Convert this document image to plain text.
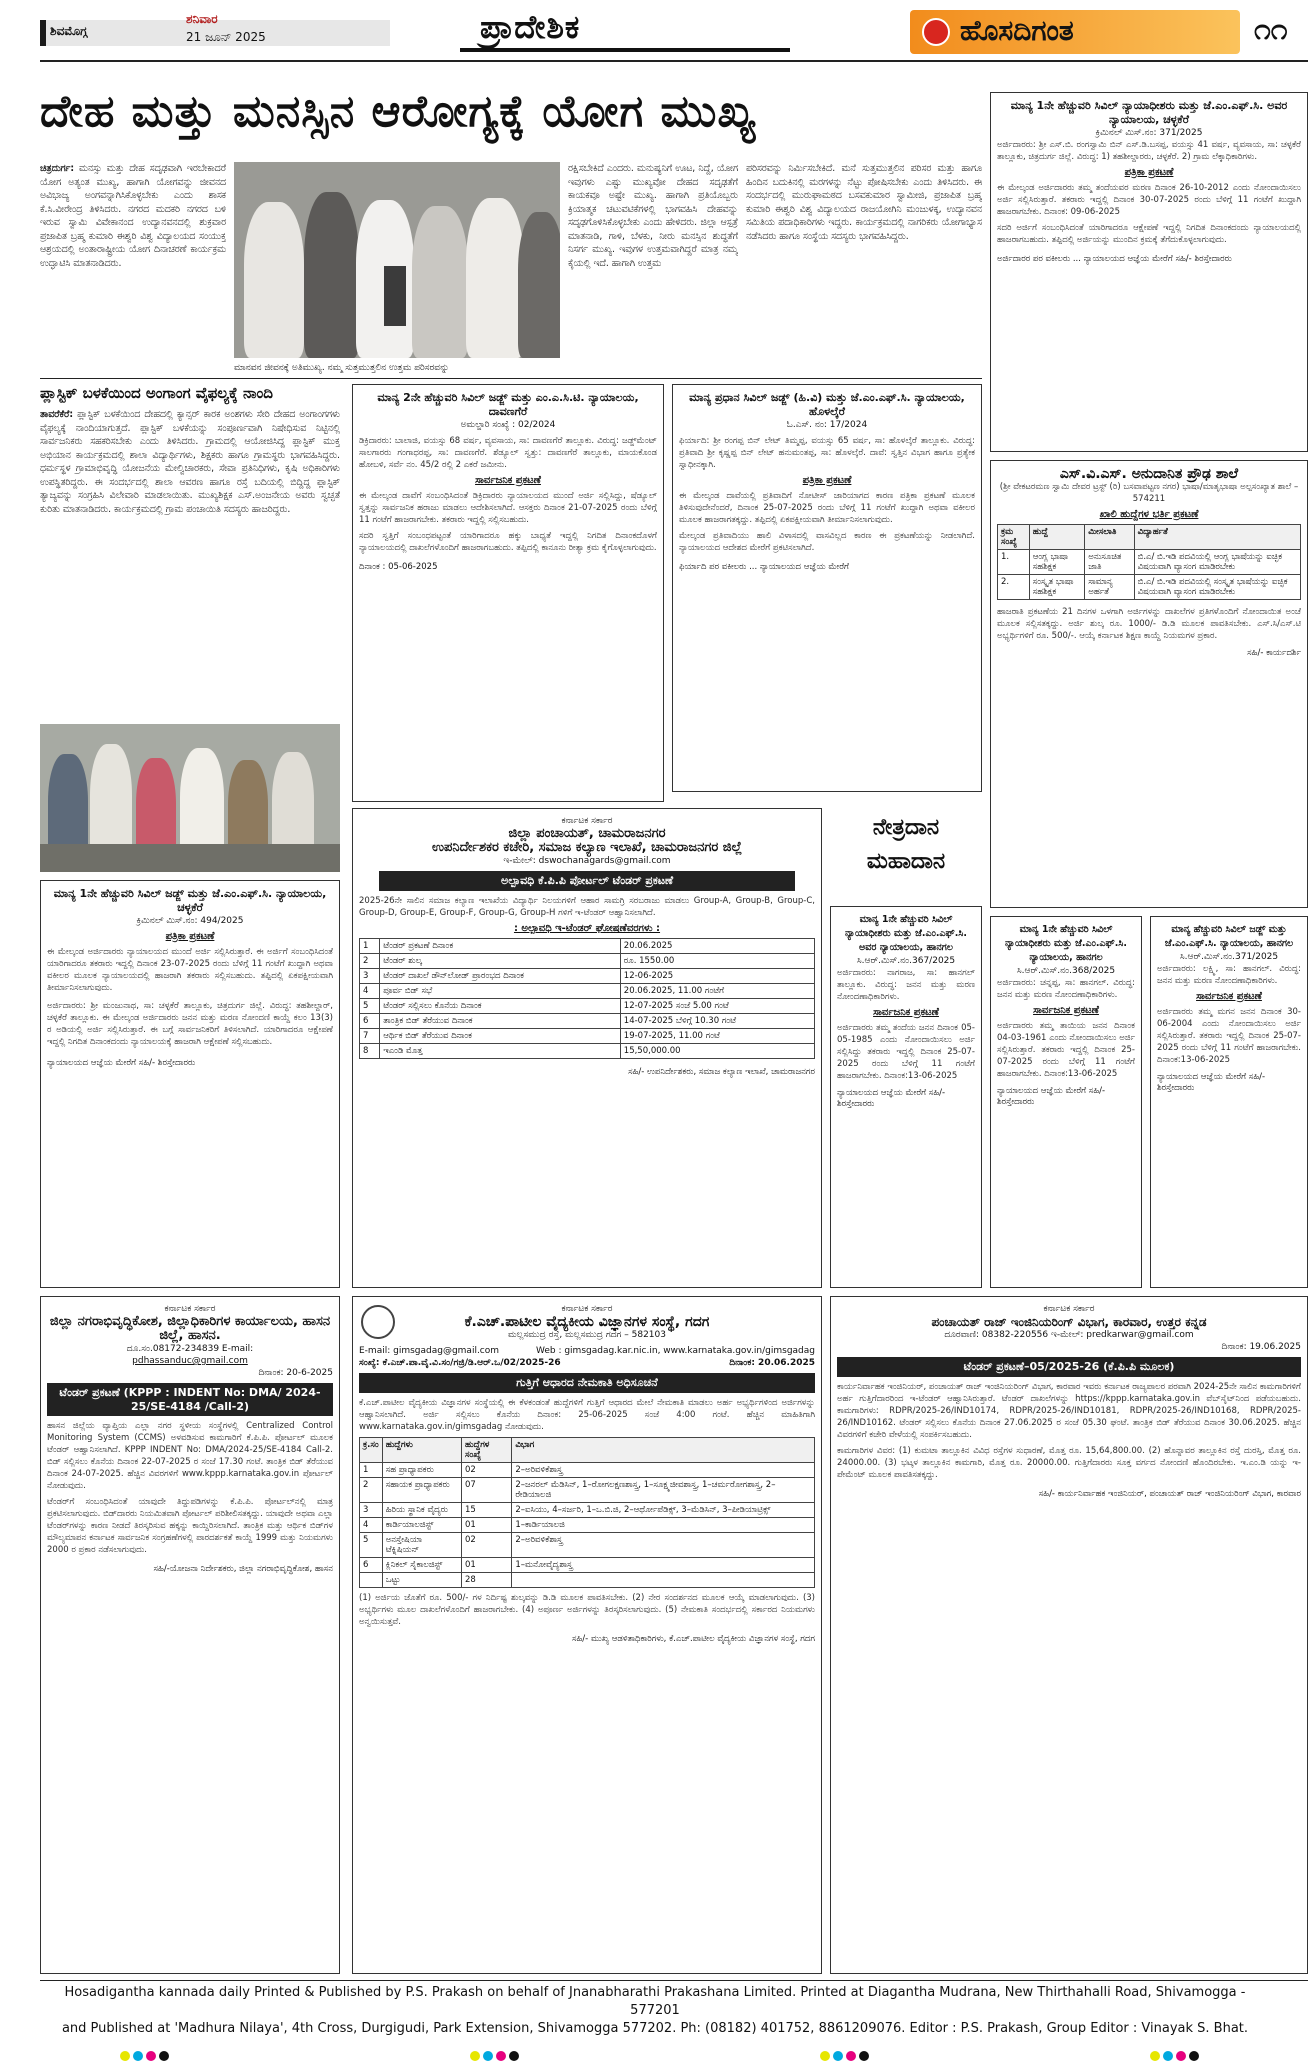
ಶಿವಮೊಗ್ಗ
ಶನಿವಾರ
21 ಜೂನ್ 2025	ಪ್ರಾದೇಶಿಕ	ಹೊಸದಿಗಂತ	೧೧
ದೇಹ ಮತ್ತು ಮನಸ್ಸಿನ ಆರೋಗ್ಯಕ್ಕೆ ಯೋಗ ಮುಖ್ಯ
ಚಿತ್ರದುರ್ಗ: ಮನಸ್ಸು ಮತ್ತು ದೇಹ ಸದೃಢವಾಗಿ ಇರಬೇಕಾದರೆ ಯೋಗ ಅತ್ಯಂತ ಮುಖ್ಯ, ಹಾಗಾಗಿ ಯೋಗವನ್ನು ಜೀವನದ ಅವಿಭಾಜ್ಯ ಅಂಗವನ್ನಾಗಿಸಿಕೊಳ್ಳಬೇಕು ಎಂದು ಶಾಸಕ ಕೆ.ಸಿ.ವೀರೇಂದ್ರ ತಿಳಿಸಿದರು. ನಗರದ ಮದಕರಿ ನಗರದ ಬಳಿ ಇರುವ ಸ್ವಾಮಿ ವಿವೇಕಾನಂದ ಉದ್ಯಾನವನದಲ್ಲಿ ಶುಕ್ರವಾರ ಪ್ರಜಾಪಿತ ಬ್ರಹ್ಮ ಕುಮಾರಿ ಈಶ್ವರಿ ವಿಶ್ವ ವಿದ್ಯಾಲಯದ ಸಂಯುಕ್ತ ಆಶ್ರಯದಲ್ಲಿ ಅಂತಾರಾಷ್ಟ್ರೀಯ ಯೋಗ ದಿನಾಚರಣೆ ಕಾರ್ಯಕ್ರಮ ಉದ್ಘಾಟಿಸಿ ಮಾತನಾಡಿದರು.
ಮಾನವನ ಜೀವನಕ್ಕೆ ಅತಿಮುಖ್ಯ. ನಮ್ಮ ಸುತ್ತಮುತ್ತಲಿನ ಉತ್ತಮ ಪರಿಸರವನ್ನು
ರಕ್ಷಿಸಬೇಕಿದೆ ಎಂದರು. ಮನುಷ್ಯನಿಗೆ ಊಟ, ನಿದ್ದೆ, ಯೋಗ ಇವುಗಳು ಎಷ್ಟು ಮುಖ್ಯವೋ ದೇಹದ ಸದೃಢತೆಗೆ ಕಾಯಕವೂ ಅಷ್ಟೇ ಮುಖ್ಯ. ಹಾಗಾಗಿ ಪ್ರತಿಯೊಬ್ಬರು ಕ್ರಿಯಾತ್ಮಕ ಚಟುವಟಿಕೆಗಳಲ್ಲಿ ಭಾಗವಹಿಸಿ ದೇಹವನ್ನು ಸದೃಢಗೊಳಿಸಿಕೊಳ್ಳಬೇಕು ಎಂದು ಹೇಳಿದರು. ಜಿಲ್ಲಾ ಆಸ್ಪತ್ರೆ ಮಾತನಾಡಿ, ಗಾಳಿ, ಬೆಳಕು, ನೀರು ಮನಸ್ಸಿನ ಶುದ್ಧತೆಗೆ ನಿಸರ್ಗ ಮುಖ್ಯ. ಇವುಗಳ ಉತ್ತಮವಾಗಿದ್ದರೆ ಮಾತ್ರ ನಮ್ಮ ಕೈಯಲ್ಲಿ ಇದೆ. ಹಾಗಾಗಿ ಉತ್ತಮ
ಪರಿಸರವನ್ನು ನಿರ್ಮಿಸಬೇಕಿದೆ. ಮನೆ ಸುತ್ತಮುತ್ತಲಿನ ಪರಿಸರ ಮತ್ತು ಹಾಗೂ ಹಿಂದಿನ ಬದುಕಿನಲ್ಲಿ ಮರಗಳನ್ನು ನೆಟ್ಟು ಪೋಷಿಸಬೇಕು ಎಂದು ತಿಳಿಸಿದರು. ಈ ಸಂದರ್ಭದಲ್ಲಿ ಮುರುಘಾಮಠದ ಬಸವಕುಮಾರ ಸ್ವಾಮೀಜಿ, ಪ್ರಜಾಪಿತ ಬ್ರಹ್ಮ ಕುಮಾರಿ ಈಶ್ವರಿ ವಿಶ್ವ ವಿದ್ಯಾಲಯದ ರಾಜಯೋಗಿನಿ ಮಂಜುಳಕ್ಕ, ಉದ್ಯಾನವನ ಸಮಿತಿಯ ಪದಾಧಿಕಾರಿಗಳು ಇದ್ದರು. ಕಾರ್ಯಕ್ರಮದಲ್ಲಿ ನಾಗರಿಕರು ಯೋಗಾಭ್ಯಾಸ ನಡೆಸಿದರು ಹಾಗೂ ಸಂಸ್ಥೆಯ ಸದಸ್ಯರು ಭಾಗವಹಿಸಿದ್ದರು.
ಪ್ಲಾಸ್ಟಿಕ್ ಬಳಕೆಯಿಂದ ಅಂಗಾಂಗ ವೈಫಲ್ಯಕ್ಕೆ ನಾಂದಿ
ತಾವರೆಕೆರೆ: ಪ್ಲಾಸ್ಟಿಕ್ ಬಳಕೆಯಿಂದ ದೇಹದಲ್ಲಿ ಕ್ಯಾನ್ಸರ್ ಕಾರಕ ಅಂಶಗಳು ಸೇರಿ ದೇಹದ ಅಂಗಾಂಗಗಳು ವೈಫಲ್ಯಕ್ಕೆ ನಾಂದಿಯಾಗುತ್ತದೆ. ಪ್ಲಾಸ್ಟಿಕ್ ಬಳಕೆಯನ್ನು ಸಂಪೂರ್ಣವಾಗಿ ನಿಷೇಧಿಸುವ ನಿಟ್ಟಿನಲ್ಲಿ ಸಾರ್ವಜನಿಕರು ಸಹಕರಿಸಬೇಕು ಎಂದು ತಿಳಿಸಿದರು. ಗ್ರಾಮದಲ್ಲಿ ಆಯೋಜಿಸಿದ್ದ ಪ್ಲಾಸ್ಟಿಕ್ ಮುಕ್ತ ಅಭಿಯಾನ ಕಾರ್ಯಕ್ರಮದಲ್ಲಿ ಶಾಲಾ ವಿದ್ಯಾರ್ಥಿಗಳು, ಶಿಕ್ಷಕರು ಹಾಗೂ ಗ್ರಾಮಸ್ಥರು ಭಾಗವಹಿಸಿದ್ದರು. ಧರ್ಮಸ್ಥಳ ಗ್ರಾಮಾಭಿವೃದ್ಧಿ ಯೋಜನೆಯ ಮೇಲ್ವಿಚಾರಕರು, ಸೇವಾ ಪ್ರತಿನಿಧಿಗಳು, ಕೃಷಿ ಅಧಿಕಾರಿಗಳು ಉಪಸ್ಥಿತರಿದ್ದರು. ಈ ಸಂದರ್ಭದಲ್ಲಿ ಶಾಲಾ ಆವರಣ ಹಾಗೂ ರಸ್ತೆ ಬದಿಯಲ್ಲಿ ಬಿದ್ದಿದ್ದ ಪ್ಲಾಸ್ಟಿಕ್ ತ್ಯಾಜ್ಯವನ್ನು ಸಂಗ್ರಹಿಸಿ ವಿಲೇವಾರಿ ಮಾಡಲಾಯಿತು. ಮುಖ್ಯಶಿಕ್ಷಕ ಎಸ್.ಅಂಜನೇಯ ಅವರು ಸ್ವಚ್ಛತೆ ಕುರಿತು ಮಾತನಾಡಿದರು. ಕಾರ್ಯಕ್ರಮದಲ್ಲಿ ಗ್ರಾಮ ಪಂಚಾಯಿತಿ ಸದಸ್ಯರು ಹಾಜರಿದ್ದರು.
ಮಾನ್ಯ 1ನೇ ಹೆಚ್ಚುವರಿ ಸಿವಿಲ್ ಜಡ್ಜ್ ಮತ್ತು ಜೆ.ಎಂ.ಎಫ್.ಸಿ. ನ್ಯಾಯಾಲಯ, ಚಳ್ಳಕೆರೆ
ಕ್ರಿಮಿನಲ್ ಮಿಸ್.ನಂ: 494/2025
ಪತ್ರಿಕಾ ಪ್ರಕಟಣೆ
ಈ ಮೇಲ್ಕಂಡ ಅರ್ಜಿದಾರರು ನ್ಯಾಯಾಲಯದ ಮುಂದೆ ಅರ್ಜಿ ಸಲ್ಲಿಸಿರುತ್ತಾರೆ. ಈ ಅರ್ಜಿಗೆ ಸಂಬಂಧಿಸಿದಂತೆ ಯಾರಿಗಾದರೂ ತಕರಾರು ಇದ್ದಲ್ಲಿ ದಿನಾಂಕ 23-07-2025 ರಂದು ಬೆಳಿಗ್ಗೆ 11 ಗಂಟೆಗೆ ಖುದ್ದಾಗಿ ಅಥವಾ ವಕೀಲರ ಮೂಲಕ ನ್ಯಾಯಾಲಯದಲ್ಲಿ ಹಾಜರಾಗಿ ತಕರಾರು ಸಲ್ಲಿಸಬಹುದು. ತಪ್ಪಿದಲ್ಲಿ ಏಕಪಕ್ಷೀಯವಾಗಿ ತೀರ್ಮಾನಿಸಲಾಗುವುದು.
ಅರ್ಜಿದಾರರು: ಶ್ರೀ ಮಂಜುನಾಥ, ಸಾ: ಚಳ್ಳಕೆರೆ ತಾಲ್ಲೂಕು, ಚಿತ್ರದುರ್ಗ ಜಿಲ್ಲೆ. ವಿರುದ್ಧ: ತಹಶೀಲ್ದಾರ್, ಚಳ್ಳಕೆರೆ ತಾಲ್ಲೂಕು. ಈ ಮೇಲ್ಕಂಡ ಅರ್ಜಿದಾರರು ಜನನ ಮತ್ತು ಮರಣ ನೋಂದಣಿ ಕಾಯ್ದೆ ಕಲಂ 13(3) ರ ಅಡಿಯಲ್ಲಿ ಅರ್ಜಿ ಸಲ್ಲಿಸಿರುತ್ತಾರೆ. ಈ ಬಗ್ಗೆ ಸಾರ್ವಜನಿಕರಿಗೆ ತಿಳಿಸಲಾಗಿದೆ. ಯಾರಿಗಾದರೂ ಆಕ್ಷೇಪಣೆ ಇದ್ದಲ್ಲಿ ನಿಗದಿತ ದಿನಾಂಕದಂದು ನ್ಯಾಯಾಲಯಕ್ಕೆ ಹಾಜರಾಗಿ ಆಕ್ಷೇಪಣೆ ಸಲ್ಲಿಸಬಹುದು.
ನ್ಯಾಯಾಲಯದ ಆಜ್ಞೆಯ ಮೇರೆಗೆ ಸಹಿ/- ಶಿರಸ್ತೇದಾರರು
ಮಾನ್ಯ 2ನೇ ಹೆಚ್ಚುವರಿ ಸಿವಿಲ್ ಜಡ್ಜ್ ಮತ್ತು ಎಂ.ಎ.ಸಿ.ಟಿ. ನ್ಯಾಯಾಲಯ, ದಾವಣಗೆರೆ
ಅಮಲ್ಜಾರಿ ಸಂಖ್ಯೆ : 02/2024
ಡಿಕ್ರಿದಾರರು: ಬಾಲಾಜಿ, ವಯಸ್ಸು 68 ವರ್ಷ, ವ್ಯವಸಾಯ, ಸಾ: ದಾವಣಗೆರೆ ತಾಲ್ಲೂಕು. ವಿರುದ್ಧ: ಜಡ್ಜ್‌ಮೆಂಟ್ ಸಾಲಗಾರರು ಗಂಗಾಧರಪ್ಪ, ಸಾ: ದಾವಣಗೆರೆ. ಶೆಡ್ಯೂಲ್ ಸ್ವತ್ತು: ದಾವಣಗೆರೆ ತಾಲ್ಲೂಕು, ಮಾಯಕೊಂಡ ಹೋಬಳಿ, ಸರ್ವೆ ನಂ. 45/2 ರಲ್ಲಿ 2 ಎಕರೆ ಜಮೀನು.
ಸಾರ್ವಜನಿಕ ಪ್ರಕಟಣೆ
ಈ ಮೇಲ್ಕಂಡ ದಾವೆಗೆ ಸಂಬಂಧಿಸಿದಂತೆ ಡಿಕ್ರಿದಾರರು ನ್ಯಾಯಾಲಯದ ಮುಂದೆ ಅರ್ಜಿ ಸಲ್ಲಿಸಿದ್ದು, ಷೆಡ್ಯೂಲ್ ಸ್ವತ್ತನ್ನು ಸಾರ್ವಜನಿಕ ಹರಾಜು ಮಾಡಲು ಆದೇಶಿಸಲಾಗಿದೆ. ಆಸಕ್ತರು ದಿನಾಂಕ 21-07-2025 ರಂದು ಬೆಳಿಗ್ಗೆ 11 ಗಂಟೆಗೆ ಹಾಜರಾಗಬೇಕು. ತಕರಾರು ಇದ್ದಲ್ಲಿ ಸಲ್ಲಿಸಬಹುದು.
ಸದರಿ ಸ್ವತ್ತಿಗೆ ಸಂಬಂಧಪಟ್ಟಂತೆ ಯಾರಿಗಾದರೂ ಹಕ್ಕು ಬಾಧ್ಯತೆ ಇದ್ದಲ್ಲಿ ನಿಗದಿತ ದಿನಾಂಕದೊಳಗೆ ನ್ಯಾಯಾಲಯದಲ್ಲಿ ದಾಖಲೆಗಳೊಂದಿಗೆ ಹಾಜರಾಗಬಹುದು. ತಪ್ಪಿದಲ್ಲಿ ಕಾನೂನು ರೀತ್ಯಾ ಕ್ರಮ ಕೈಗೊಳ್ಳಲಾಗುವುದು.
ದಿನಾಂಕ : 05-06-2025
ಮಾನ್ಯ ಪ್ರಧಾನ ಸಿವಿಲ್ ಜಡ್ಜ್ (ಹಿ.ವಿ) ಮತ್ತು ಜೆ.ಎಂ.ಎಫ್.ಸಿ. ನ್ಯಾಯಾಲಯ, ಹೊಳಲ್ಕೆರೆ
ಓ.ಎಸ್. ನಂ: 17/2024
ಫಿರ್ಯಾದಿ: ಶ್ರೀ ರಂಗಪ್ಪ ಬಿನ್ ಲೇಟ್ ತಿಮ್ಮಪ್ಪ, ವಯಸ್ಸು 65 ವರ್ಷ, ಸಾ: ಹೊಳಲ್ಕೆರೆ ತಾಲ್ಲೂಕು. ವಿರುದ್ಧ: ಪ್ರತಿವಾದಿ ಶ್ರೀ ಕೃಷ್ಣಪ್ಪ ಬಿನ್ ಲೇಟ್ ಹನುಮಂತಪ್ಪ, ಸಾ: ಹೊಳಲ್ಕೆರೆ. ದಾವೆ: ಸ್ವತ್ತಿನ ವಿಭಾಗ ಹಾಗೂ ಪ್ರತ್ಯೇಕ ಸ್ವಾಧೀನಕ್ಕಾಗಿ.
ಪತ್ರಿಕಾ ಪ್ರಕಟಣೆ
ಈ ಮೇಲ್ಕಂಡ ದಾವೆಯಲ್ಲಿ ಪ್ರತಿವಾದಿಗೆ ನೋಟೀಸ್ ಜಾರಿಯಾಗದ ಕಾರಣ ಪತ್ರಿಕಾ ಪ್ರಕಟಣೆ ಮೂಲಕ ತಿಳಿಸುವುದೇನೆಂದರೆ, ದಿನಾಂಕ 25-07-2025 ರಂದು ಬೆಳಿಗ್ಗೆ 11 ಗಂಟೆಗೆ ಖುದ್ದಾಗಿ ಅಥವಾ ವಕೀಲರ ಮೂಲಕ ಹಾಜರಾಗತಕ್ಕದ್ದು. ತಪ್ಪಿದಲ್ಲಿ ಏಕಪಕ್ಷೀಯವಾಗಿ ತೀರ್ಮಾನಿಸಲಾಗುವುದು.
ಮೇಲ್ಕಂಡ ಪ್ರತಿವಾದಿಯು ಹಾಲಿ ವಿಳಾಸದಲ್ಲಿ ವಾಸವಿಲ್ಲದ ಕಾರಣ ಈ ಪ್ರಕಟಣೆಯನ್ನು ನೀಡಲಾಗಿದೆ. ನ್ಯಾಯಾಲಯದ ಆದೇಶದ ಮೇರೆಗೆ ಪ್ರಕಟಿಸಲಾಗಿದೆ.
ಫಿರ್ಯಾದಿ ಪರ ವಕೀಲರು ... ನ್ಯಾಯಾಲಯದ ಆಜ್ಞೆಯ ಮೇರೆಗೆ
ಕರ್ನಾಟಕ ಸರ್ಕಾರ
ಜಿಲ್ಲಾ ಪಂಚಾಯತ್, ಚಾಮರಾಜನಗರ
ಉಪನಿರ್ದೇಶಕರ ಕಚೇರಿ, ಸಮಾಜ ಕಲ್ಯಾಣ ಇಲಾಖೆ, ಚಾಮರಾಜನಗರ ಜಿಲ್ಲೆ
ಇ-ಮೇಲ್: dswochanagards@gmail.com
ಅಲ್ಪಾವಧಿ ಕೆ.ಪಿ.ಪಿ ಪೋರ್ಟಲ್ ಟೆಂಡರ್ ಪ್ರಕಟಣೆ
2025-26ನೇ ಸಾಲಿನ ಸಮಾಜ ಕಲ್ಯಾಣ ಇಲಾಖೆಯ ವಿದ್ಯಾರ್ಥಿ ನಿಲಯಗಳಿಗೆ ಆಹಾರ ಸಾಮಗ್ರಿ ಸರಬರಾಜು ಮಾಡಲು Group-A, Group-B, Group-C, Group-D, Group-E, Group-F, Group-G, Group-H ಗಳಿಗೆ ಇ-ಟೆಂಡರ್ ಆಹ್ವಾನಿಸಲಾಗಿದೆ.
: ಅಲ್ಪಾವಧಿ ಇ-ಟೆಂಡರ್ ಘೋಷಣೆವರಗಳು :
1	ಟೆಂಡರ್ ಪ್ರಕಟಣೆ ದಿನಾಂಕ	20.06.2025
2	ಟೆಂಡರ್ ಶುಲ್ಕ	ರೂ. 1550.00
3	ಟೆಂಡರ್ ದಾಖಲೆ ಡೌನ್‌ಲೋಡ್ ಪ್ರಾರಂಭದ ದಿನಾಂಕ	12-06-2025
4	ಪೂರ್ವ ಬಿಡ್ ಸಭೆ	20.06.2025, 11.00 ಗಂಟೆಗೆ
5	ಟೆಂಡರ್ ಸಲ್ಲಿಸಲು ಕೊನೆಯ ದಿನಾಂಕ	12-07-2025 ಸಂಜೆ 5.00 ಗಂಟೆ
6	ತಾಂತ್ರಿಕ ಬಿಡ್ ತೆರೆಯುವ ದಿನಾಂಕ	14-07-2025 ಬೆಳಿಗ್ಗೆ 10.30 ಗಂಟೆ
7	ಆರ್ಥಿಕ ಬಿಡ್ ತೆರೆಯುವ ದಿನಾಂಕ	19-07-2025, 11.00 ಗಂಟೆ
8	ಇಎಂಡಿ ಮೊತ್ತ	15,50,000.00
ಸಹಿ/- ಉಪನಿರ್ದೇಶಕರು, ಸಮಾಜ ಕಲ್ಯಾಣ ಇಲಾಖೆ, ಚಾಮರಾಜನಗರ
ನೇತ್ರದಾನ
ಮಹಾದಾನ
ಮಾನ್ಯ 1ನೇ ಹೆಚ್ಚುವರಿ ಸಿವಿಲ್ ನ್ಯಾಯಾಧೀಶರು ಮತ್ತು ಜೆ.ಎಂ.ಎಫ್.ಸಿ. ಅವರ ನ್ಯಾಯಾಲಯ, ಹಾನಗಲ
ಸಿ.ಆರ್.ಮಿಸ್.ನಂ.367/2025
ಅರ್ಜಿದಾರರು: ನಾಗರಾಜ, ಸಾ: ಹಾನಗಲ್ ತಾಲ್ಲೂಕು. ವಿರುದ್ಧ: ಜನನ ಮತ್ತು ಮರಣ ನೋಂದಣಾಧಿಕಾರಿಗಳು.
ಸಾರ್ವಜನಿಕ ಪ್ರಕಟಣೆ
ಅರ್ಜಿದಾರರು ತಮ್ಮ ತಂದೆಯ ಜನನ ದಿನಾಂಕ 05-05-1985 ಎಂದು ನೋಂದಾಯಿಸಲು ಅರ್ಜಿ ಸಲ್ಲಿಸಿದ್ದು ತಕರಾರು ಇದ್ದಲ್ಲಿ ದಿನಾಂಕ 25-07-2025 ರಂದು ಬೆಳಿಗ್ಗೆ 11 ಗಂಟೆಗೆ ಹಾಜರಾಗಬೇಕು. ದಿನಾಂಕ:13-06-2025
ನ್ಯಾಯಾಲಯದ ಆಜ್ಞೆಯ ಮೇರೆಗೆ ಸಹಿ/- ಶಿರಸ್ತೇದಾರರು
ಮಾನ್ಯ 1ನೇ ಹೆಚ್ಚುವರಿ ಸಿವಿಲ್ ನ್ಯಾಯಾಧೀಶರು ಮತ್ತು ಜೆ.ಎಂ.ಎಫ್.ಸಿ. ಅವರ ನ್ಯಾಯಾಲಯ, ಚಳ್ಳಕೆರೆ
ಕ್ರಿಮಿನಲ್ ಮಿಸ್.ನಂ: 371/2025
ಅರ್ಜಿದಾರರು: ಶ್ರೀ ಎಸ್.ಬಿ. ರಂಗಸ್ವಾಮಿ ಬಿನ್ ಎಸ್.ಡಿ.ಬಸಪ್ಪ, ವಯಸ್ಸು 41 ವರ್ಷ, ವ್ಯವಸಾಯ, ಸಾ: ಚಳ್ಳಕೆರೆ ತಾಲ್ಲೂಕು, ಚಿತ್ರದುರ್ಗ ಜಿಲ್ಲೆ. ವಿರುದ್ಧ: 1) ತಹಶೀಲ್ದಾರರು, ಚಳ್ಳಕೆರೆ. 2) ಗ್ರಾಮ ಲೆಕ್ಕಾಧಿಕಾರಿಗಳು.
ಪತ್ರಿಕಾ ಪ್ರಕಟಣೆ
ಈ ಮೇಲ್ಕಂಡ ಅರ್ಜಿದಾರರು ತಮ್ಮ ತಂದೆಯವರ ಮರಣ ದಿನಾಂಕ 26-10-2012 ಎಂದು ನೋಂದಾಯಿಸಲು ಅರ್ಜಿ ಸಲ್ಲಿಸಿರುತ್ತಾರೆ. ತಕರಾರು ಇದ್ದಲ್ಲಿ ದಿನಾಂಕ 30-07-2025 ರಂದು ಬೆಳಿಗ್ಗೆ 11 ಗಂಟೆಗೆ ಖುದ್ದಾಗಿ ಹಾಜರಾಗಬೇಕು. ದಿನಾಂಕ: 09-06-2025
ಸದರಿ ಅರ್ಜಿಗೆ ಸಂಬಂಧಿಸಿದಂತೆ ಯಾರಿಗಾದರೂ ಆಕ್ಷೇಪಣೆ ಇದ್ದಲ್ಲಿ ನಿಗದಿತ ದಿನಾಂಕದಂದು ನ್ಯಾಯಾಲಯದಲ್ಲಿ ಹಾಜರಾಗಬಹುದು. ತಪ್ಪಿದಲ್ಲಿ ಅರ್ಜಿಯನ್ನು ಮುಂದಿನ ಕ್ರಮಕ್ಕೆ ತೆಗೆದುಕೊಳ್ಳಲಾಗುವುದು.
ಅರ್ಜಿದಾರರ ಪರ ವಕೀಲರು ... ನ್ಯಾಯಾಲಯದ ಆಜ್ಞೆಯ ಮೇರೆಗೆ ಸಹಿ/- ಶಿರಸ್ತೇದಾರರು
ಎಸ್.ವಿ.ಎಸ್. ಅನುದಾನಿತ ಪ್ರೌಢ ಶಾಲೆ
(ಶ್ರೀ ವೇಕಟರಮಣ ಸ್ವಾಮಿ ದೇವರ ಟ್ರಸ್ಟ್ (ರಿ) ಬಸವಾಪಟ್ಟಣ ನಗರ) ಭಾಷಾ/ಮಾತೃಭಾಷಾ ಅಲ್ಪಸಂಖ್ಯಾತ ಶಾಲೆ – 574211
ಖಾಲಿ ಹುದ್ದೆಗಳ ಭರ್ತಿ ಪ್ರಕಟಣೆ
ಕ್ರಮ ಸಂಖ್ಯೆ	ಹುದ್ದೆ	ಮೀಸಲಾತಿ	ವಿದ್ಯಾರ್ಹತೆ
1.	ಆಂಗ್ಲ ಭಾಷಾ ಸಹಶಿಕ್ಷಕ	ಅನುಸೂಚಿತ ಜಾತಿ	ಬಿ.ಎ/ ಬಿ.ಇಡಿ ಪದವಿಯಲ್ಲಿ ಆಂಗ್ಲ ಭಾಷೆಯನ್ನು ಐಚ್ಛಿಕ ವಿಷಯವಾಗಿ ವ್ಯಾಸಂಗ ಮಾಡಿರಬೇಕು
2.	ಸಂಸ್ಕೃತ ಭಾಷಾ ಸಹಶಿಕ್ಷಕ	ಸಾಮಾನ್ಯ ಅರ್ಹತೆ	ಬಿ.ಎ/ ಬಿ.ಇಡಿ ಪದವಿಯಲ್ಲಿ ಸಂಸ್ಕೃತ ಭಾಷೆಯನ್ನು ಐಚ್ಛಿಕ ವಿಷಯವಾಗಿ ವ್ಯಾಸಂಗ ಮಾಡಿರಬೇಕು
ಹಾಜರಾತಿ ಪ್ರಕಟಣೆಯ 21 ದಿನಗಳ ಒಳಗಾಗಿ ಅರ್ಜಿಗಳನ್ನು ದಾಖಲೆಗಳ ಪ್ರತಿಗಳೊಂದಿಗೆ ನೋಂದಾಯಿತ ಅಂಚೆ ಮೂಲಕ ಸಲ್ಲಿಸತಕ್ಕದ್ದು. ಅರ್ಜಿ ಶುಲ್ಕ ರೂ. 1000/- ಡಿ.ಡಿ ಮೂಲಕ ಪಾವತಿಸಬೇಕು. ಎಸ್.ಸಿ/ಎಸ್.ಟಿ ಅಭ್ಯರ್ಥಿಗಳಿಗೆ ರೂ. 500/-. ಆಯ್ಕೆ ಕರ್ನಾಟಕ ಶಿಕ್ಷಣ ಕಾಯ್ದೆ ನಿಯಮಗಳ ಪ್ರಕಾರ.
ಸಹಿ/- ಕಾರ್ಯದರ್ಶಿ
ಮಾನ್ಯ 1ನೇ ಹೆಚ್ಚುವರಿ ಸಿವಿಲ್ ನ್ಯಾಯಾಧೀಶರು ಮತ್ತು ಜೆ.ಎಂ.ಎಫ್.ಸಿ. ನ್ಯಾಯಾಲಯ, ಹಾನಗಲ
ಸಿ.ಆರ್.ಮಿಸ್.ನಂ.368/2025
ಅರ್ಜಿದಾರರು: ಚನ್ನಪ್ಪ, ಸಾ: ಹಾನಗಲ್. ವಿರುದ್ಧ: ಜನನ ಮತ್ತು ಮರಣ ನೋಂದಣಾಧಿಕಾರಿಗಳು.
ಸಾರ್ವಜನಿಕ ಪ್ರಕಟಣೆ
ಅರ್ಜಿದಾರರು ತಮ್ಮ ತಾಯಿಯ ಜನನ ದಿನಾಂಕ 04-03-1961 ಎಂದು ನೋಂದಾಯಿಸಲು ಅರ್ಜಿ ಸಲ್ಲಿಸಿರುತ್ತಾರೆ. ತಕರಾರು ಇದ್ದಲ್ಲಿ ದಿನಾಂಕ 25-07-2025 ರಂದು ಬೆಳಿಗ್ಗೆ 11 ಗಂಟೆಗೆ ಹಾಜರಾಗಬೇಕು. ದಿನಾಂಕ:13-06-2025
ನ್ಯಾಯಾಲಯದ ಆಜ್ಞೆಯ ಮೇರೆಗೆ ಸಹಿ/- ಶಿರಸ್ತೇದಾರರು
ಮಾನ್ಯ ಹೆಚ್ಚುವರಿ ಸಿವಿಲ್ ಜಡ್ಜ್ ಮತ್ತು ಜೆ.ಎಂ.ಎಫ್.ಸಿ. ನ್ಯಾಯಾಲಯ, ಹಾನಗಲ
ಸಿ.ಆರ್.ಮಿಸ್.ನಂ.371/2025
ಅರ್ಜಿದಾರರು: ಲಕ್ಷ್ಮಿ, ಸಾ: ಹಾನಗಲ್. ವಿರುದ್ಧ: ಜನನ ಮತ್ತು ಮರಣ ನೋಂದಣಾಧಿಕಾರಿಗಳು.
ಸಾರ್ವಜನಿಕ ಪ್ರಕಟಣೆ
ಅರ್ಜಿದಾರರು ತಮ್ಮ ಮಗನ ಜನನ ದಿನಾಂಕ 30-06-2004 ಎಂದು ನೋಂದಾಯಿಸಲು ಅರ್ಜಿ ಸಲ್ಲಿಸಿರುತ್ತಾರೆ. ತಕರಾರು ಇದ್ದಲ್ಲಿ ದಿನಾಂಕ 25-07-2025 ರಂದು ಬೆಳಿಗ್ಗೆ 11 ಗಂಟೆಗೆ ಹಾಜರಾಗಬೇಕು. ದಿನಾಂಕ:13-06-2025
ನ್ಯಾಯಾಲಯದ ಆಜ್ಞೆಯ ಮೇರೆಗೆ ಸಹಿ/- ಶಿರಸ್ತೇದಾರರು
ಕರ್ನಾಟಕ ಸರ್ಕಾರ
ಜಿಲ್ಲಾ ನಗರಾಭಿವೃದ್ಧಿಕೋಶ, ಜಿಲ್ಲಾಧಿಕಾರಿಗಳ ಕಾರ್ಯಾಲಯ, ಹಾಸನ ಜಿಲ್ಲೆ, ಹಾಸನ.
ದೂ.ಸಂ.08172-234839 E-mail:
pdhassanduc@gmail.com
ದಿನಾಂಕ: 20-6-2025
ಟೆಂಡರ್ ಪ್ರಕಟಣೆ (KPPP : INDENT No: DMA/ 2024-25/SE-4184 /Call-2)
ಹಾಸನ ಜಿಲ್ಲೆಯ ವ್ಯಾಪ್ತಿಯ ಎಲ್ಲಾ ನಗರ ಸ್ಥಳೀಯ ಸಂಸ್ಥೆಗಳಲ್ಲಿ Centralized Control Monitoring System (CCMS) ಅಳವಡಿಸುವ ಕಾಮಗಾರಿಗೆ ಕೆ.ಪಿ.ಪಿ. ಪೋರ್ಟಲ್ ಮೂಲಕ ಟೆಂಡರ್ ಆಹ್ವಾನಿಸಲಾಗಿದೆ. KPPP INDENT No: DMA/2024-25/SE-4184 Call-2. ಬಿಡ್ ಸಲ್ಲಿಸಲು ಕೊನೆಯ ದಿನಾಂಕ 22-07-2025 ರ ಸಂಜೆ 17.30 ಗಂಟೆ. ತಾಂತ್ರಿಕ ಬಿಡ್ ತೆರೆಯುವ ದಿನಾಂಕ 24-07-2025. ಹೆಚ್ಚಿನ ವಿವರಗಳಿಗೆ www.kppp.karnataka.gov.in ಪೋರ್ಟಲ್ ನೋಡುವುದು.
ಟೆಂಡರ್‌ಗೆ ಸಂಬಂಧಿಸಿದಂತೆ ಯಾವುದೇ ತಿದ್ದುಪಡಿಗಳನ್ನು ಕೆ.ಪಿ.ಪಿ. ಪೋರ್ಟಲ್‌ನಲ್ಲಿ ಮಾತ್ರ ಪ್ರಕಟಿಸಲಾಗುವುದು. ಬಿಡ್‌ದಾರರು ನಿಯಮಿತವಾಗಿ ಪೋರ್ಟಲ್ ಪರಿಶೀಲಿಸತಕ್ಕದ್ದು. ಯಾವುದೇ ಅಥವಾ ಎಲ್ಲಾ ಟೆಂಡರ್‌ಗಳನ್ನು ಕಾರಣ ನೀಡದೆ ತಿರಸ್ಕರಿಸುವ ಹಕ್ಕನ್ನು ಕಾಯ್ದಿರಿಸಲಾಗಿದೆ. ತಾಂತ್ರಿಕ ಮತ್ತು ಆರ್ಥಿಕ ಬಿಡ್‌ಗಳ ಮೌಲ್ಯಮಾಪನ ಕರ್ನಾಟಕ ಸಾರ್ವಜನಿಕ ಸಂಗ್ರಹಣೆಗಳಲ್ಲಿ ಪಾರದರ್ಶಕತೆ ಕಾಯ್ದೆ 1999 ಮತ್ತು ನಿಯಮಗಳು 2000 ರ ಪ್ರಕಾರ ನಡೆಸಲಾಗುವುದು.
ಸಹಿ/-ಯೋಜನಾ ನಿರ್ದೇಶಕರು, ಜಿಲ್ಲಾ ನಗರಾಭಿವೃದ್ಧಿಕೋಶ, ಹಾಸನ
ಕರ್ನಾಟಕ ಸರ್ಕಾರ
ಕೆ.ಎಚ್.ಪಾಟೀಲ ವೈದ್ಯಕೀಯ ವಿಜ್ಞಾನಗಳ ಸಂಸ್ಥೆ, ಗದಗ
ಮಲ್ಲಸಮುದ್ರ ರಸ್ತೆ, ಮಲ್ಲಸಮುದ್ರ ಗದಗ – 582103
E-mail: gimsgadag@gmail.com	Web : gimsgadag.kar.nic.in, www.karnataka.gov.in/gimsgadag
ಸಂಖ್ಯೆ: ಕೆ.ಎಚ್.ಪಾ.ವೈ.ವಿ.ಸಂ/ಗಜ್ರಿ/ಡಿ.ಆರ್.ಒ/02/2025-26	ದಿನಾಂಕ: 20.06.2025
ಗುತ್ತಿಗೆ ಆಧಾರದ ನೇಮಕಾತಿ ಅಧಿಸೂಚನೆ
ಕೆ.ಎಚ್.ಪಾಟೀಲ ವೈದ್ಯಕೀಯ ವಿಜ್ಞಾನಗಳ ಸಂಸ್ಥೆಯಲ್ಲಿ ಈ ಕೆಳಕಂಡಂತೆ ಹುದ್ದೆಗಳಿಗೆ ಗುತ್ತಿಗೆ ಆಧಾರದ ಮೇಲೆ ನೇಮಕಾತಿ ಮಾಡಲು ಅರ್ಹ ಅಭ್ಯರ್ಥಿಗಳಿಂದ ಅರ್ಜಿಗಳನ್ನು ಆಹ್ವಾನಿಸಲಾಗಿದೆ. ಅರ್ಜಿ ಸಲ್ಲಿಸಲು ಕೊನೆಯ ದಿನಾಂಕ: 25-06-2025 ಸಂಜೆ 4:00 ಗಂಟೆ. ಹೆಚ್ಚಿನ ಮಾಹಿತಿಗಾಗಿ www.karnataka.gov.in/gimsgadag ನೋಡುವುದು.
ಕ್ರ.ಸಂ	ಹುದ್ದೆಗಳು	ಹುದ್ದೆಗಳ ಸಂಖ್ಯೆ	ವಿಭಾಗ
1	ಸಹ ಪ್ರಾಧ್ಯಾಪಕರು	02	2–ಅರಿವಳಿಕೆಶಾಸ್ತ್ರ
2	ಸಹಾಯಕ ಪ್ರಾಧ್ಯಾಪಕರು	07	2–ಜನರಲ್ ಮೆಡಿಸಿನ್, 1–ರೋಗಲಕ್ಷಣಶಾಸ್ತ್ರ, 1–ಸೂಕ್ಷ್ಮಜೀವಶಾಸ್ತ್ರ, 1–ಚರ್ಮರೋಗಶಾಸ್ತ್ರ, 2–ರೇಡಿಯಾಲಜಿ
3	ಹಿರಿಯ ಸ್ಥಾನಿಕ ವೈದ್ಯರು	15	2–ಐಸಿಯು, 4–ಸರ್ಜರಿ, 1–ಒ.ಬಿ.ಜಿ, 2–ಆರ್ಥೋಪೆಡಿಕ್ಸ್, 3–ಮೆಡಿಸಿನ್, 3–ಪೀಡಿಯಾಟ್ರಿಕ್ಸ್
4	ಕಾರ್ಡಿಯಾಲಜಿಸ್ಟ್	01	1–ಕಾರ್ಡಿಯಾಲಜಿ
5	ಅನಸ್ತೇಷಿಯಾ ಟೆಕ್ನಿಷಿಯನ್	02	2–ಅರಿವಳಿಕೆಶಾಸ್ತ್ರ
6	ಕ್ಲಿನಿಕಲ್ ಸೈಕಾಲಜಿಸ್ಟ್	01	1–ಮನೋವೈದ್ಯಶಾಸ್ತ್ರ
	ಒಟ್ಟು	28	
(1) ಅರ್ಜಿಯ ಜೊತೆಗೆ ರೂ. 500/- ಗಳ ನಿರ್ದಿಷ್ಟ ಶುಲ್ಕವನ್ನು ಡಿ.ಡಿ ಮೂಲಕ ಪಾವತಿಸಬೇಕು. (2) ನೇರ ಸಂದರ್ಶನದ ಮೂಲಕ ಆಯ್ಕೆ ಮಾಡಲಾಗುವುದು. (3) ಅಭ್ಯರ್ಥಿಗಳು ಮೂಲ ದಾಖಲೆಗಳೊಂದಿಗೆ ಹಾಜರಾಗಬೇಕು. (4) ಅಪೂರ್ಣ ಅರ್ಜಿಗಳನ್ನು ತಿರಸ್ಕರಿಸಲಾಗುವುದು. (5) ನೇಮಕಾತಿ ಸಂದರ್ಭದಲ್ಲಿ ಸರ್ಕಾರದ ನಿಯಮಗಳು ಅನ್ವಯಿಸುತ್ತವೆ.
ಸಹಿ/- ಮುಖ್ಯ ಆಡಳಿತಾಧಿಕಾರಿಗಳು, ಕೆ.ಎಚ್.ಪಾಟೀಲ ವೈದ್ಯಕೀಯ ವಿಜ್ಞಾನಗಳ ಸಂಸ್ಥೆ, ಗದಗ
ಕರ್ನಾಟಕ ಸರ್ಕಾರ
ಪಂಚಾಯತ್ ರಾಜ್ ಇಂಜಿನಿಯರಿಂಗ್ ವಿಭಾಗ, ಕಾರವಾರ, ಉತ್ತರ ಕನ್ನಡ
ದೂರವಾಣಿ: 08382-220556 ಇ-ಮೇಲ್: predkarwar@gmail.com
ದಿನಾಂಕ: 19.06.2025
ಟೆಂಡರ್ ಪ್ರಕಟಣೆ–05/2025-26 (ಕೆ.ಪಿ.ಪಿ ಮೂಲಕ)
ಕಾರ್ಯನಿರ್ವಾಹಕ ಇಂಜಿನಿಯರ್, ಪಂಚಾಯತ್ ರಾಜ್ ಇಂಜಿನಿಯರಿಂಗ್ ವಿಭಾಗ, ಕಾರವಾರ ಇವರು ಕರ್ನಾಟಕ ರಾಜ್ಯಪಾಲರ ಪರವಾಗಿ 2024-25ನೇ ಸಾಲಿನ ಕಾಮಗಾರಿಗಳಿಗೆ ಅರ್ಹ ಗುತ್ತಿಗೆದಾರರಿಂದ ಇ-ಟೆಂಡರ್ ಆಹ್ವಾನಿಸಿರುತ್ತಾರೆ. ಟೆಂಡರ್ ದಾಖಲೆಗಳನ್ನು https://kppp.karnataka.gov.in ವೆಬ್‌ಸೈಟ್‌ನಿಂದ ಪಡೆಯಬಹುದು. ಕಾಮಗಾರಿಗಳು: RDPR/2025-26/IND10174, RDPR/2025-26/IND10181, RDPR/2025-26/IND10168, RDPR/2025-26/IND10162. ಟೆಂಡರ್ ಸಲ್ಲಿಸಲು ಕೊನೆಯ ದಿನಾಂಕ 27.06.2025 ರ ಸಂಜೆ 05.30 ಘಂಟೆ. ತಾಂತ್ರಿಕ ಬಿಡ್ ತೆರೆಯುವ ದಿನಾಂಕ 30.06.2025. ಹೆಚ್ಚಿನ ವಿವರಗಳಿಗೆ ಕಚೇರಿ ವೇಳೆಯಲ್ಲಿ ಸಂಪರ್ಕಿಸಬಹುದು.
ಕಾಮಗಾರಿಗಳ ವಿವರ: (1) ಕುಮಟಾ ತಾಲ್ಲೂಕಿನ ವಿವಿಧ ರಸ್ತೆಗಳ ಸುಧಾರಣೆ, ಮೊತ್ತ ರೂ. 15,64,800.00. (2) ಹೊನ್ನಾವರ ತಾಲ್ಲೂಕಿನ ರಸ್ತೆ ದುರಸ್ತಿ, ಮೊತ್ತ ರೂ. 24000.00. (3) ಭಟ್ಕಳ ತಾಲ್ಲೂಕಿನ ಕಾಮಗಾರಿ, ಮೊತ್ತ ರೂ. 20000.00. ಗುತ್ತಿಗೆದಾರರು ಸೂಕ್ತ ವರ್ಗದ ನೋಂದಣಿ ಹೊಂದಿರಬೇಕು. ಇ.ಎಂ.ಡಿ ಯನ್ನು ಇ-ಪೇಮೆಂಟ್ ಮೂಲಕ ಪಾವತಿಸತಕ್ಕದ್ದು.
ಸಹಿ/- ಕಾರ್ಯನಿರ್ವಾಹಕ ಇಂಜಿನಿಯರ್, ಪಂಚಾಯತ್ ರಾಜ್ ಇಂಜಿನಿಯರಿಂಗ್ ವಿಭಾಗ, ಕಾರವಾರ
Hosadigantha kannada daily Printed & Published by P.S. Prakash on behalf of Jnanabharathi Prakashana Limited. Printed at Diagantha Mudrana, New Thirthahalli Road, Shivamogga - 577201
and Published at 'Madhura Nilaya', 4th Cross, Durgigudi, Park Extension, Shivamogga 577202. Ph: (08182) 401752, 8861209076. Editor : P.S. Prakash, Group Editor : Vinayak S. Bhat.
